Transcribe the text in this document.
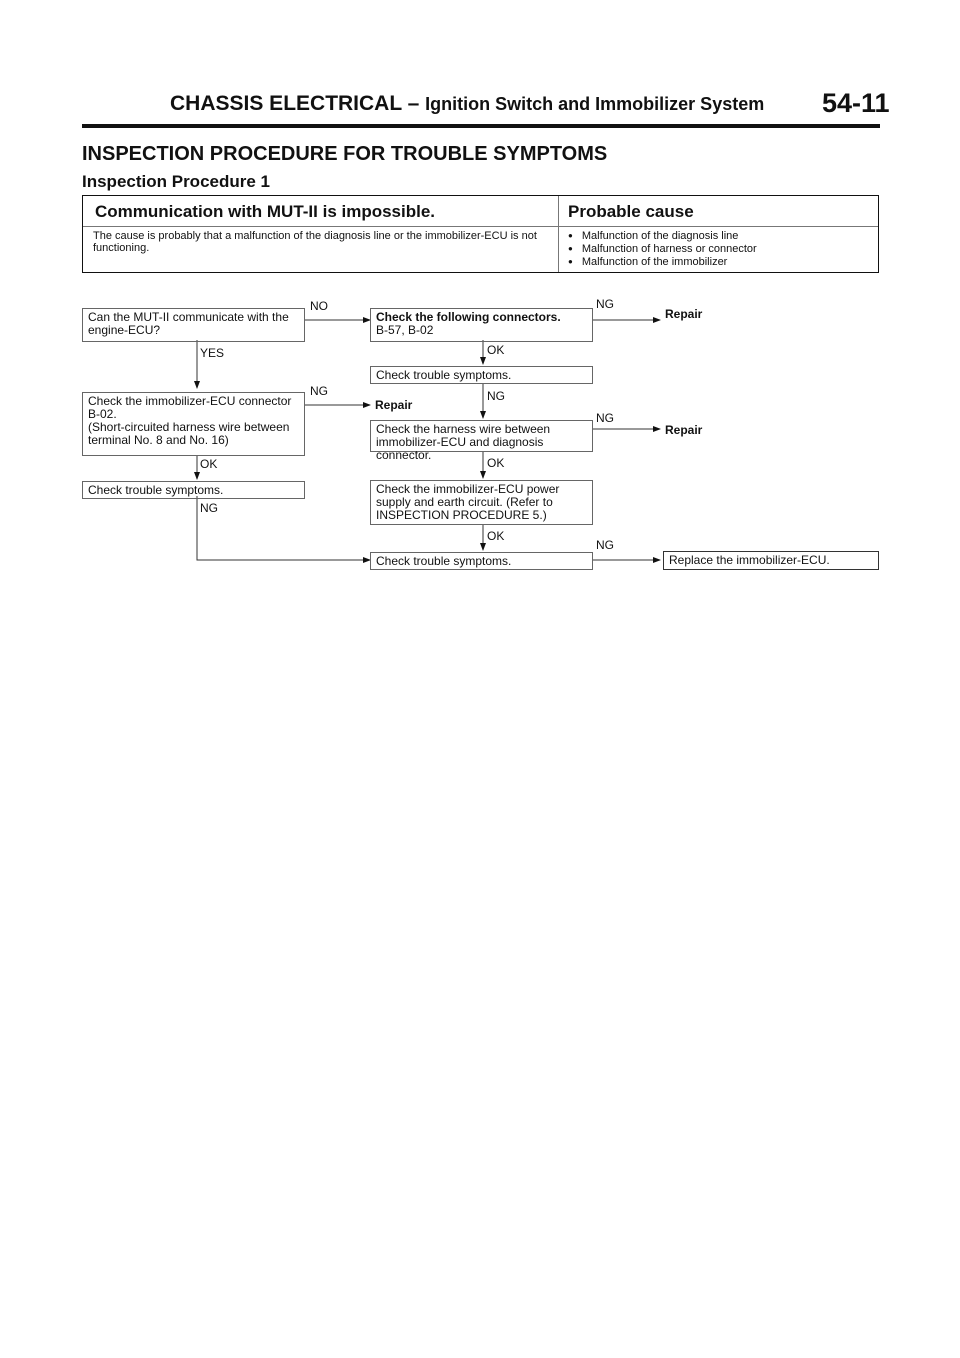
CHASSIS ELECTRICAL – Ignition Switch and Immobilizer System 54-11
INSPECTION PROCEDURE FOR TROUBLE SYMPTOMS
Inspection Procedure 1
Communication with MUT-II is impossible.	Probable cause
The cause is probably that a malfunction of the diagnosis line or the immobilizer-ECU is not functioning.
● Malfunction of the diagnosis line
● Malfunction of harness or connector
● Malfunction of the immobilizer
Can the MUT-II communicate with the engine-ECU?
Check the following connectors.
B-57, B-02
Check trouble symptoms.
Check the immobilizer-ECU connector B-02.
(Short-circuited harness wire between terminal No. 8 and No. 16)
Check the harness wire between immobilizer-ECU and diagnosis connector.
Check trouble symptoms.	Check the immobilizer-ECU power supply and earth circuit. (Refer to INSPECTION PROCEDURE 5.)
Check trouble symptoms.	Replace the immobilizer-ECU.
Repair
Repair
Repair
NO	NG
YES	OK
NG	NG
NG
OK	OK
NG
OK
NG
